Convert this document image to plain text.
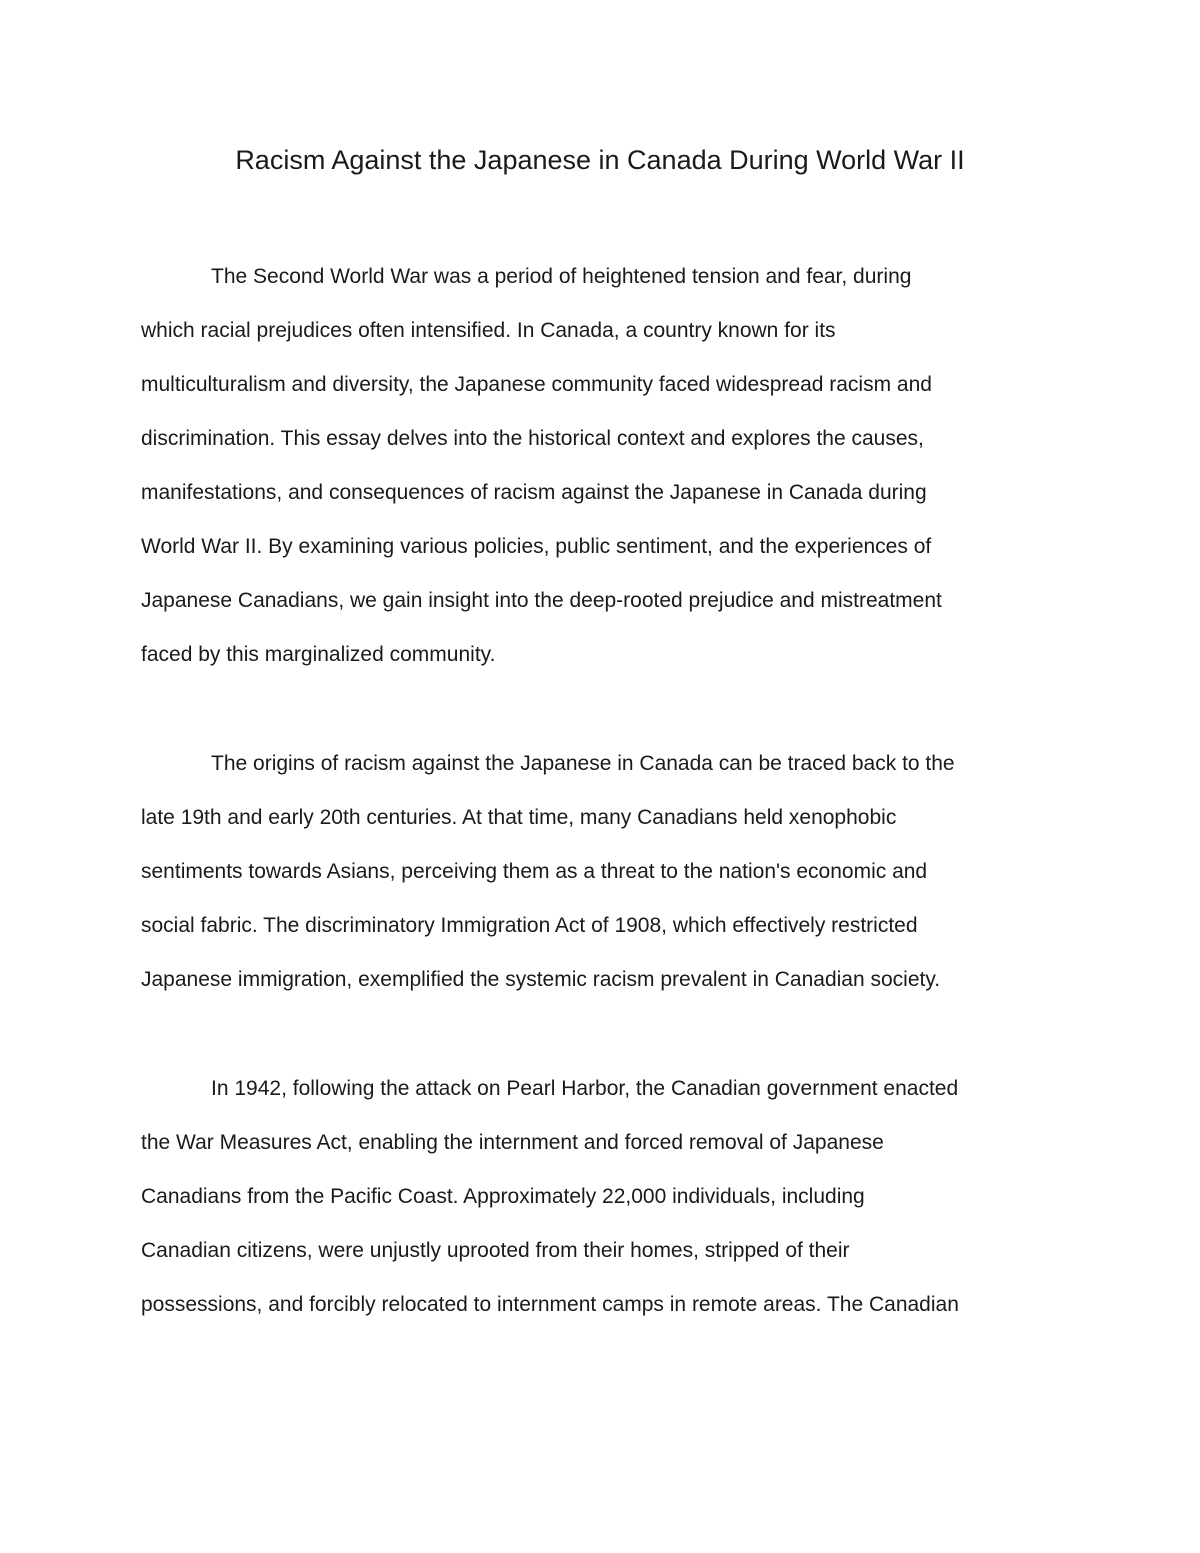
Racism Against the Japanese in Canada During World War II
The Second World War was a period of heightened tension and fear, during
which racial prejudices often intensified. In Canada, a country known for its
multiculturalism and diversity, the Japanese community faced widespread racism and
discrimination. This essay delves into the historical context and explores the causes,
manifestations, and consequences of racism against the Japanese in Canada during
World War II. By examining various policies, public sentiment, and the experiences of
Japanese Canadians, we gain insight into the deep-rooted prejudice and mistreatment
faced by this marginalized community.
The origins of racism against the Japanese in Canada can be traced back to the
late 19th and early 20th centuries. At that time, many Canadians held xenophobic
sentiments towards Asians, perceiving them as a threat to the nation's economic and
social fabric. The discriminatory Immigration Act of 1908, which effectively restricted
Japanese immigration, exemplified the systemic racism prevalent in Canadian society.
In 1942, following the attack on Pearl Harbor, the Canadian government enacted
the War Measures Act, enabling the internment and forced removal of Japanese
Canadians from the Pacific Coast. Approximately 22,000 individuals, including
Canadian citizens, were unjustly uprooted from their homes, stripped of their
possessions, and forcibly relocated to internment camps in remote areas. The Canadian
